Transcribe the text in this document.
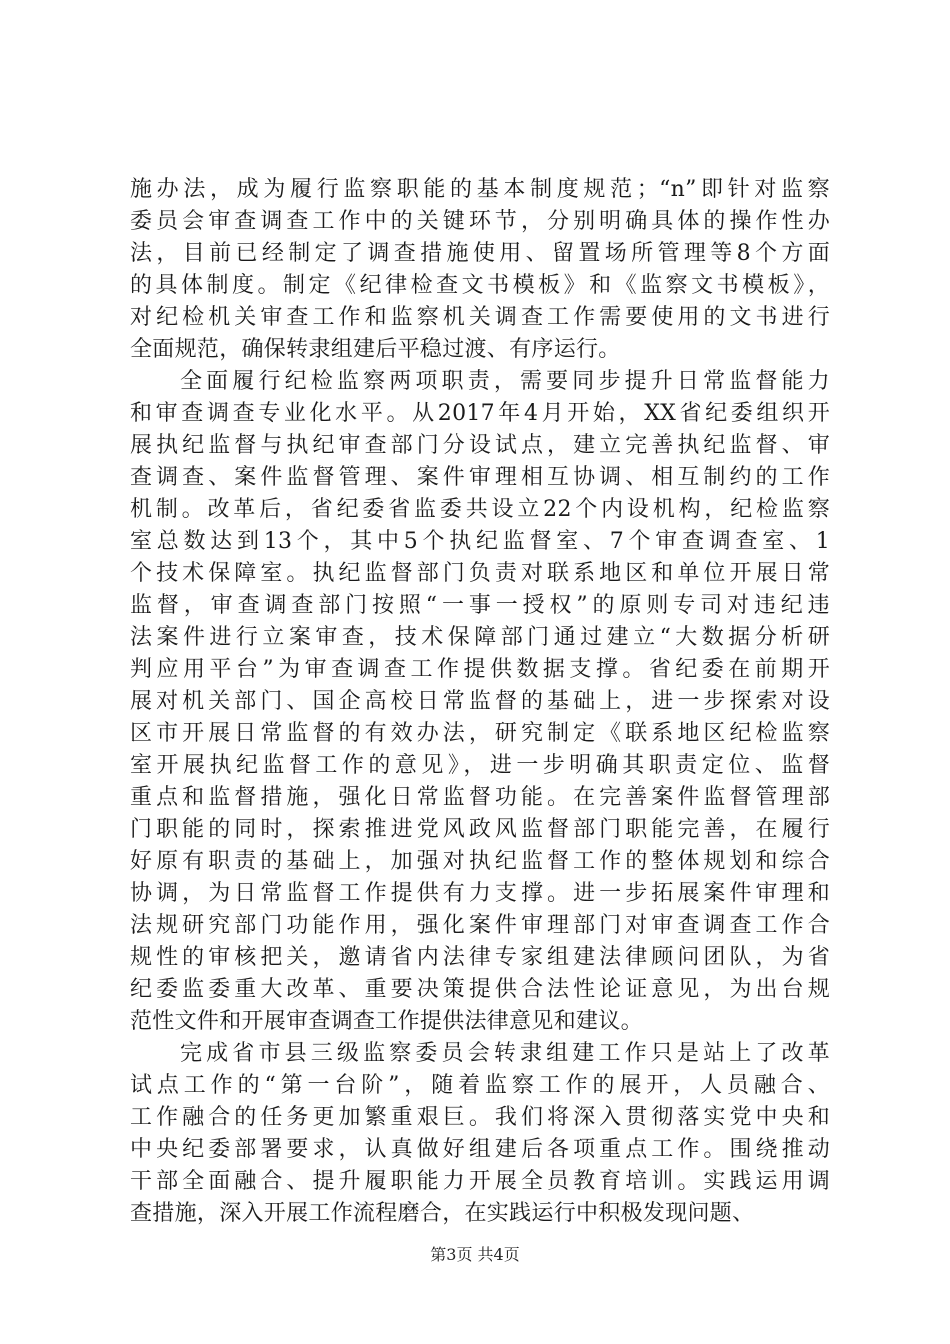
施办法，成为履行监察职能的基本制度规范；“n”即针对监察
委员会审查调查工作中的关键环节，分别明确具体的操作性办
法，目前已经制定了调查措施使用、留置场所管理等8个方面
的具体制度。制定《纪律检查文书模板》和《监察文书模板》，
对纪检机关审查工作和监察机关调查工作需要使用的文书进行
全面规范，确保转隶组建后平稳过渡、有序运行。
全面履行纪检监察两项职责，需要同步提升日常监督能力
和审查调查专业化水平。从2017年4月开始，XX省纪委组织开
展执纪监督与执纪审查部门分设试点，建立完善执纪监督、审
查调查、案件监督管理、案件审理相互协调、相互制约的工作
机制。改革后，省纪委省监委共设立22个内设机构，纪检监察
室总数达到13个，其中5个执纪监督室、7个审查调查室、1
个技术保障室。执纪监督部门负责对联系地区和单位开展日常
监督，审查调查部门按照“一事一授权”的原则专司对违纪违
法案件进行立案审查，技术保障部门通过建立“大数据分析研
判应用平台”为审查调查工作提供数据支撑。省纪委在前期开
展对机关部门、国企高校日常监督的基础上，进一步探索对设
区市开展日常监督的有效办法，研究制定《联系地区纪检监察
室开展执纪监督工作的意见》，进一步明确其职责定位、监督
重点和监督措施，强化日常监督功能。在完善案件监督管理部
门职能的同时，探索推进党风政风监督部门职能完善，在履行
好原有职责的基础上，加强对执纪监督工作的整体规划和综合
协调，为日常监督工作提供有力支撑。进一步拓展案件审理和
法规研究部门功能作用，强化案件审理部门对审查调查工作合
规性的审核把关，邀请省内法律专家组建法律顾问团队，为省
纪委监委重大改革、重要决策提供合法性论证意见，为出台规
范性文件和开展审查调查工作提供法律意见和建议。
完成省市县三级监察委员会转隶组建工作只是站上了改革
试点工作的“第一台阶”，随着监察工作的展开，人员融合、
工作融合的任务更加繁重艰巨。我们将深入贯彻落实党中央和
中央纪委部署要求，认真做好组建后各项重点工作。围绕推动
干部全面融合、提升履职能力开展全员教育培训。实践运用调
查措施，深入开展工作流程磨合，在实践运行中积极发现问题、
第3页 共4页
